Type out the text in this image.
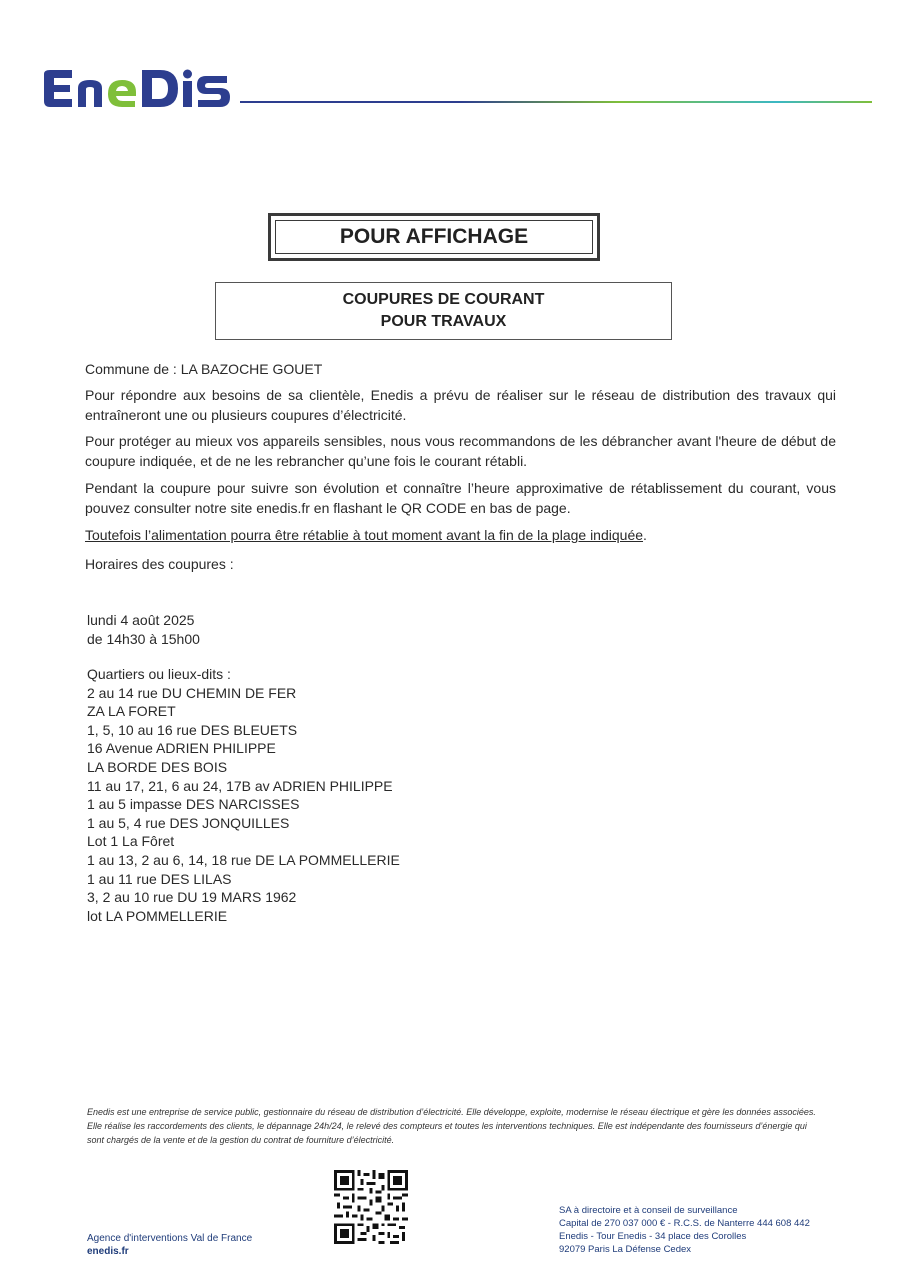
POUR AFFICHAGE
COUPURES DE COURANT
POUR TRAVAUX
Commune de : LA BAZOCHE GOUET
Pour répondre aux besoins de sa clientèle, Enedis a prévu de réaliser sur le réseau de distribution des travaux qui entraîneront une ou plusieurs coupures d’électricité.
Pour protéger au mieux vos appareils sensibles, nous vous recommandons de les débrancher avant l'heure de début de coupure indiquée, et de ne les rebrancher qu’une fois le courant rétabli.
Pendant la coupure pour suivre son évolution et connaître l’heure approximative de rétablissement du courant, vous pouvez consulter notre site enedis.fr en flashant le QR CODE en bas de page.
Toutefois l’alimentation pourra être rétablie à tout moment avant la fin de la plage indiquée.
Horaires des coupures :
lundi 4 août 2025
de 14h30 à 15h00
Quartiers ou lieux-dits :
2 au 14 rue DU CHEMIN DE FER
ZA LA FORET
1, 5, 10 au 16 rue DES BLEUETS
16 Avenue ADRIEN PHILIPPE
LA BORDE DES BOIS
11 au 17, 21, 6 au 24, 17B av ADRIEN PHILIPPE
1 au 5 impasse DES NARCISSES
1 au 5, 4 rue DES JONQUILLES
Lot 1 La Fôret
1 au 13, 2 au 6, 14, 18 rue DE LA POMMELLERIE
1 au 11 rue DES LILAS
3, 2 au 10 rue DU 19 MARS 1962
lot LA POMMELLERIE
Enedis est une entreprise de service public, gestionnaire du réseau de distribution d’électricité. Elle développe, exploite, modernise le réseau électrique et gère les données associées. Elle réalise les raccordements des clients, le dépannage 24h/24, le relevé des compteurs et toutes les interventions techniques. Elle est indépendante des fournisseurs d’énergie qui sont chargés de la vente et de la gestion du contrat de fourniture d’électricité.
Agence d'interventions Val de France
enedis.fr
SA à directoire et à conseil de surveillance
Capital de 270 037 000 € - R.C.S. de Nanterre 444 608 442
Enedis - Tour Enedis - 34 place des Corolles
92079 Paris La Défense Cedex
